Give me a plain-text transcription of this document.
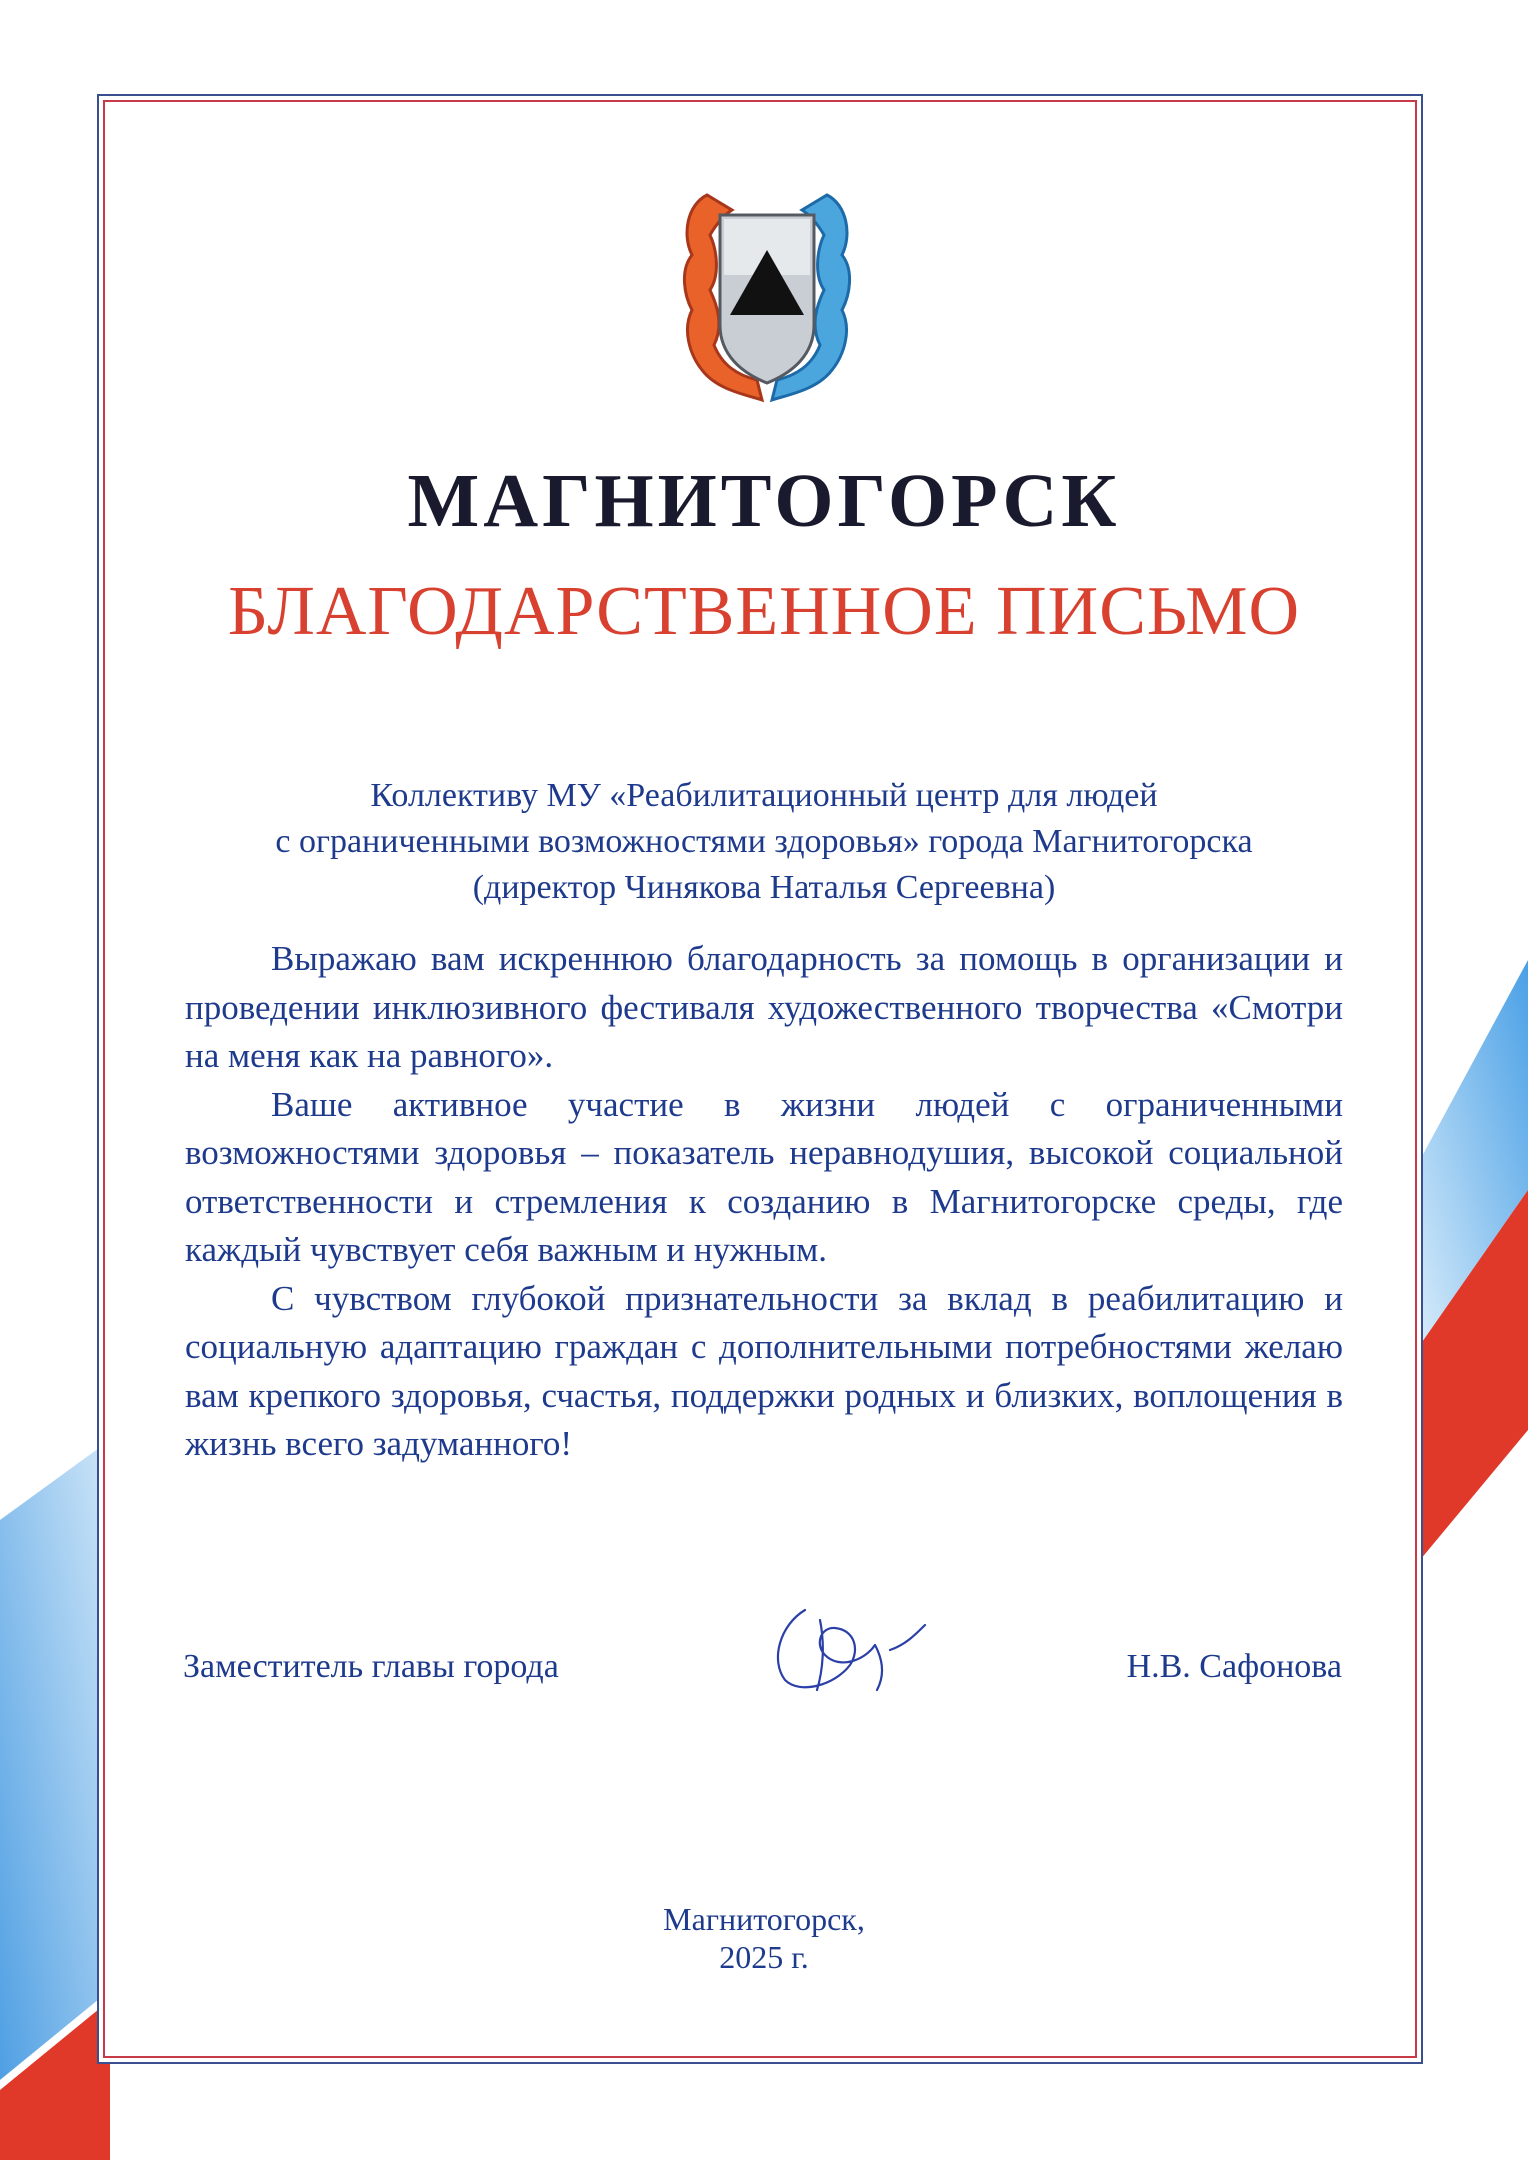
МАГНИТОГОРСК
БЛАГОДАРСТВЕННОЕ ПИСЬМО
Коллективу МУ «Реабилитационный центр для людей
с ограниченными возможностями здоровья» города Магнитогорска
(директор Чинякова Наталья Сергеевна)

Выражаю вам искреннюю благодарность за помощь в организации и проведении инклюзивного фестиваля художественного творчества «Смотри на меня как на равного».

Ваше активное участие в жизни людей с ограниченными возможностями здоровья – показатель неравнодушия, высокой социальной ответственности и стремления к созданию в Магнитогорске среды, где каждый чувствует себя важным и нужным.

С чувством глубокой признательности за вклад в реабилитацию и социальную адаптацию граждан с дополнительными потребностями желаю вам крепкого здоровья, счастья, поддержки родных и близких, воплощения в жизнь всего задуманного!

Заместитель главы города	Н.В. Сафонова
Магнитогорск,
2025 г.
